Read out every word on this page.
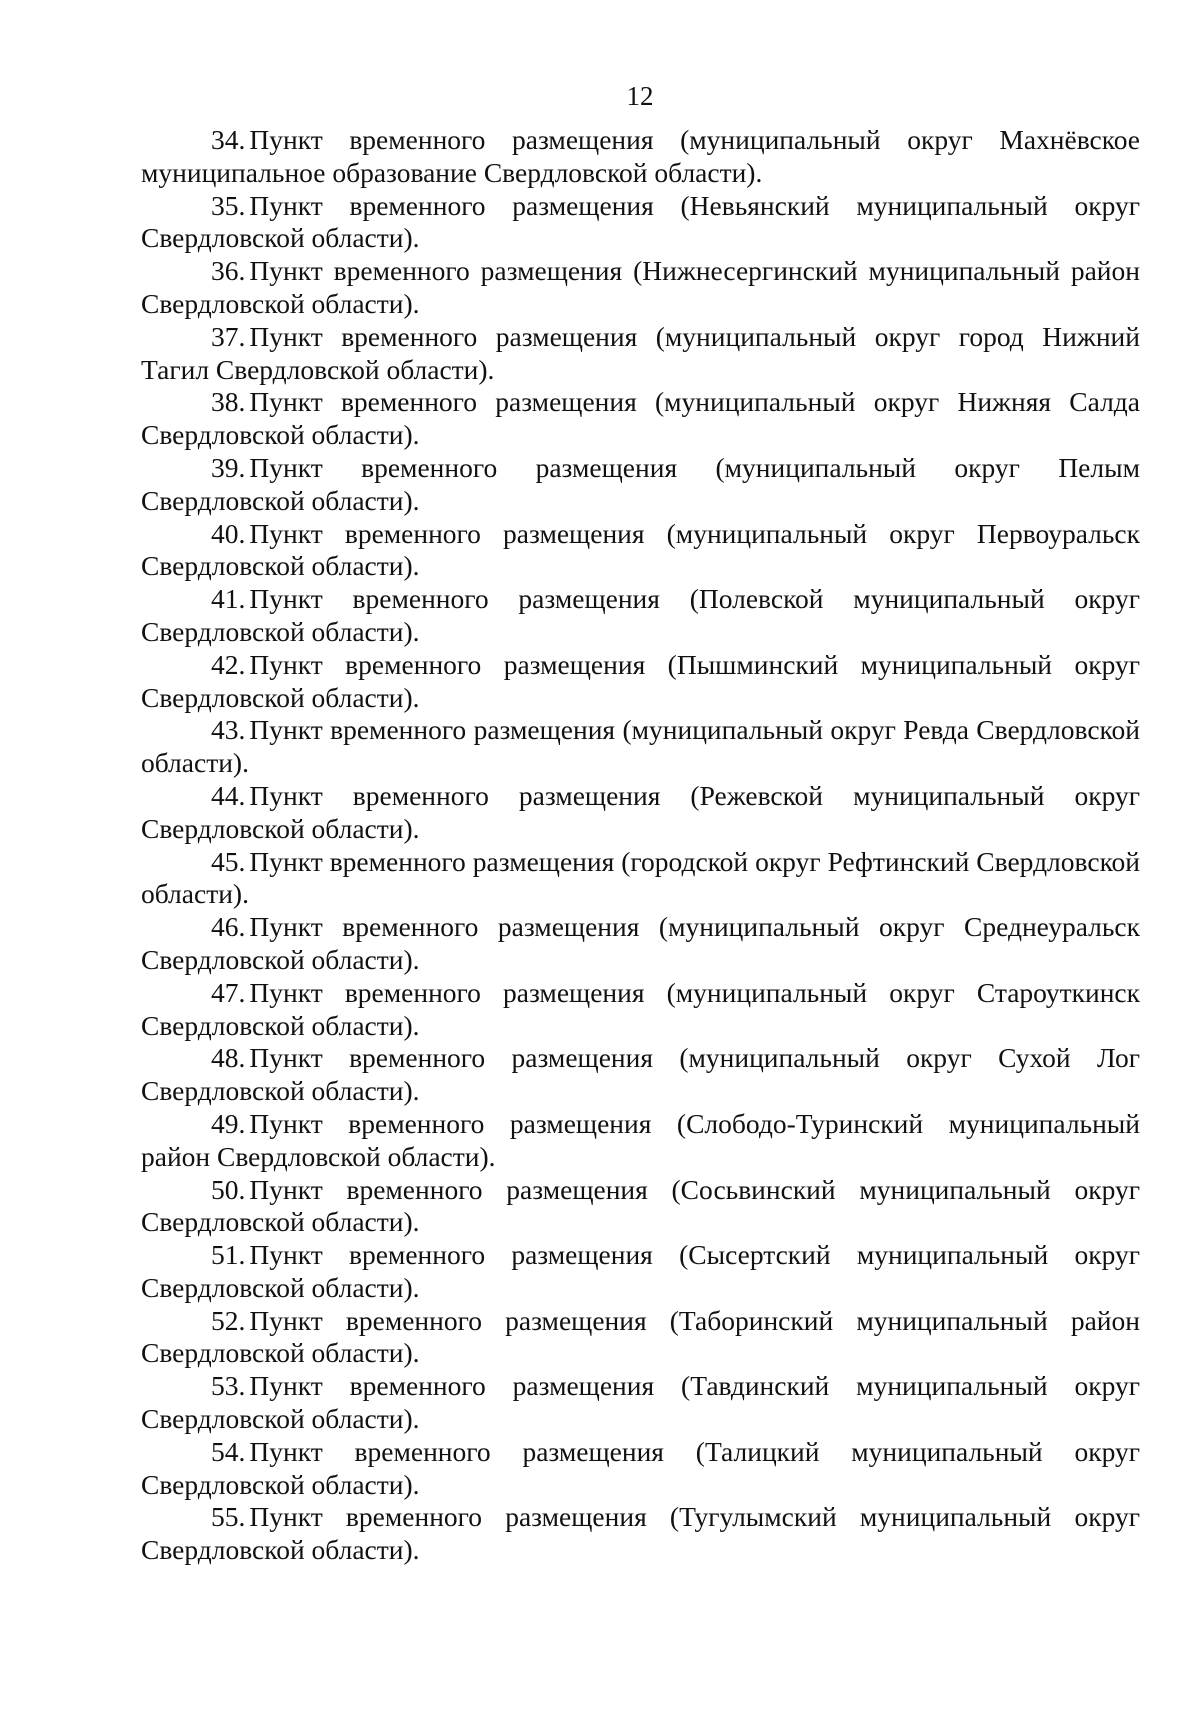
12

34. Пункт временного размещения (муниципальный округ Махнёвское муниципальное образование Свердловской области).

35. Пункт временного размещения (Невьянский муниципальный округ Свердловской области).

36. Пункт временного размещения (Нижнесергинский муниципальный район Свердловской области).

37. Пункт временного размещения (муниципальный округ город Нижний Тагил Свердловской области).

38. Пункт временного размещения (муниципальный округ Нижняя Салда Свердловской области).

39. Пункт временного размещения (муниципальный округ Пелым Свердловской области).

40. Пункт временного размещения (муниципальный округ Первоуральск Свердловской области).

41. Пункт временного размещения (Полевской муниципальный округ Свердловской области).

42. Пункт временного размещения (Пышминский муниципальный округ Свердловской области).

43. Пункт временного размещения (муниципальный округ Ревда Свердловской области).

44. Пункт временного размещения (Режевской муниципальный округ Свердловской области).

45. Пункт временного размещения (городской округ Рефтинский Свердловской области).

46. Пункт временного размещения (муниципальный округ Среднеуральск Свердловской области).

47. Пункт временного размещения (муниципальный округ Староуткинск Свердловской области).

48. Пункт временного размещения (муниципальный округ Сухой Лог Свердловской области).

49. Пункт временного размещения (Слободо-Туринский муниципальный район Свердловской области).

50. Пункт временного размещения (Сосьвинский муниципальный округ Свердловской области).

51. Пункт временного размещения (Сысертский муниципальный округ Свердловской области).

52. Пункт временного размещения (Таборинский муниципальный район Свердловской области).

53. Пункт временного размещения (Тавдинский муниципальный округ Свердловской области).

54. Пункт временного размещения (Талицкий муниципальный округ Свердловской области).

55. Пункт временного размещения (Тугулымский муниципальный округ Свердловской области).
